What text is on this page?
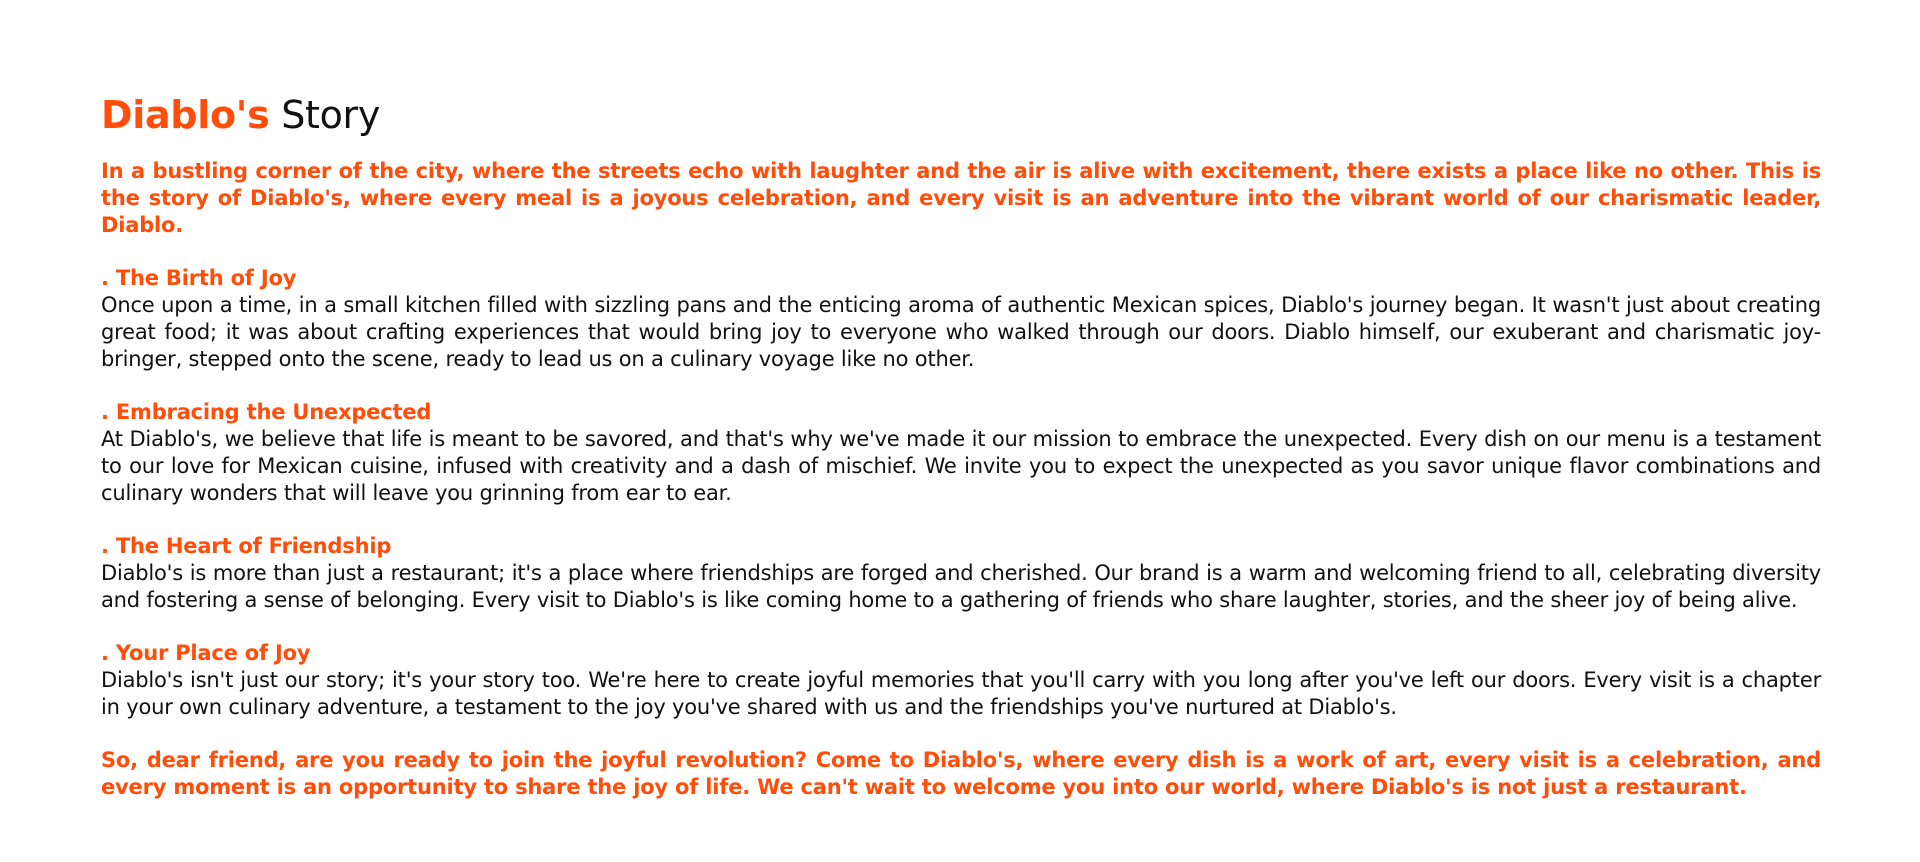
Diablo's Story

In a bustling corner of the city, where the streets echo with laughter and the air is alive with excitement, there exists a place like no other. This is the story of Diablo's, where every meal is a joyous celebration, and every visit is an adventure into the vibrant world of our charismatic leader, Diablo.

. The Birth of Joy

Once upon a time, in a small kitchen filled with sizzling pans and the enticing aroma of authentic Mexican spices, Diablo's journey began. It wasn't just about creating great food; it was about crafting experiences that would bring joy to everyone who walked through our doors. Diablo himself, our exuberant and charismatic joy-bringer, stepped onto the scene, ready to lead us on a culinary voyage like no other.

. Embracing the Unexpected

At Diablo's, we believe that life is meant to be savored, and that's why we've made it our mission to embrace the unexpected. Every dish on our menu is a testament to our love for Mexican cuisine, infused with creativity and a dash of mischief. We invite you to expect the unexpected as you savor unique flavor combinations and culinary wonders that will leave you grinning from ear to ear.

. The Heart of Friendship

Diablo's is more than just a restaurant; it's a place where friendships are forged and cherished. Our brand is a warm and welcoming friend to all, celebrating diversity and fostering a sense of belonging. Every visit to Diablo's is like coming home to a gathering of friends who share laughter, stories, and the sheer joy of being alive.

. Your Place of Joy

Diablo's isn't just our story; it's your story too. We're here to create joyful memories that you'll carry with you long after you've left our doors. Every visit is a chapter in your own culinary adventure, a testament to the joy you've shared with us and the friendships you've nurtured at Diablo's.

So, dear friend, are you ready to join the joyful revolution? Come to Diablo's, where every dish is a work of art, every visit is a celebration, and every moment is an opportunity to share the joy of life. We can't wait to welcome you into our world, where Diablo's is not just a restaurant.
